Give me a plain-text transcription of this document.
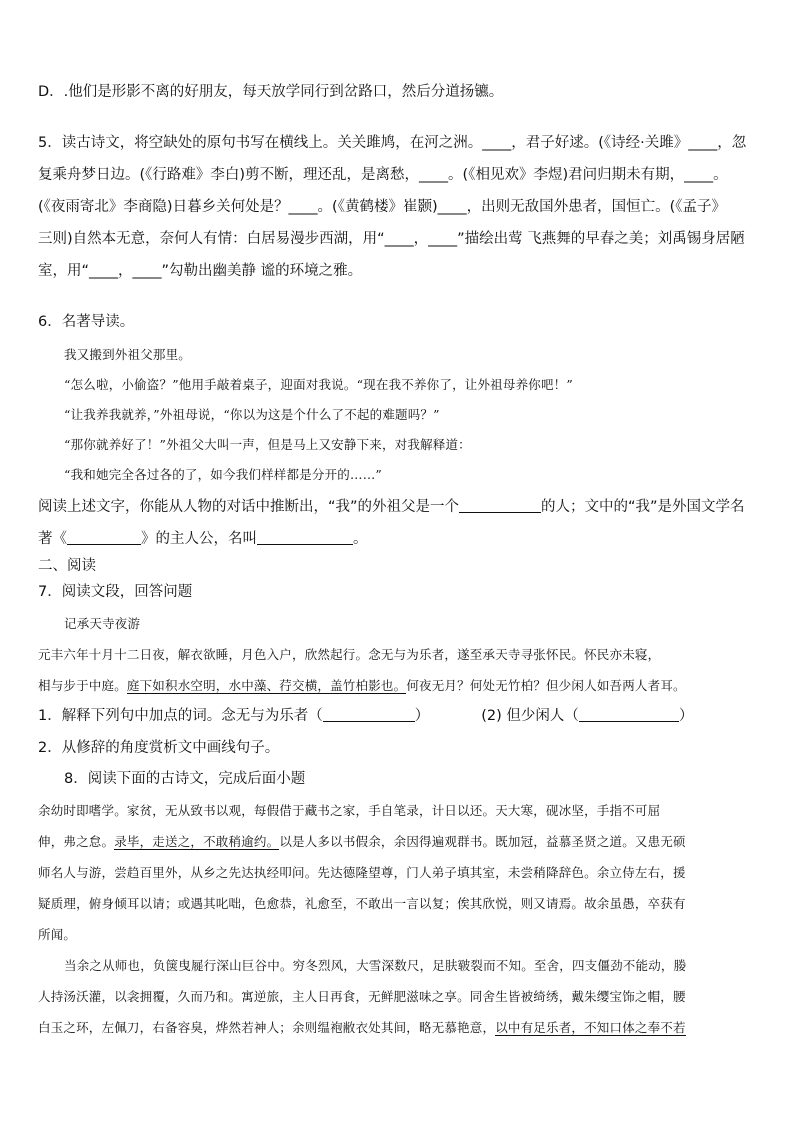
D．.他们是形影不离的好朋友，每天放学同行到岔路口，然后分道扬镳。
5．读古诗文，将空缺处的原句书写在横线上。关关雎鸠，在河之洲。____，君子好逑。(《诗经·关雎》____，忽
复乘舟梦日边。(《行路难》李白)剪不断，理还乱，是离愁，____。(《相见欢》李煜)君问归期未有期，____。
(《夜雨寄北》李商隐)日暮乡关何处是？____。(《黄鹤楼》崔颢)____，出则无敌国外患者，国恒亡。(《孟子》
三则)自然本无意，奈何人有情：白居易漫步西湖，用“____，____”描绘出莺 飞燕舞的早春之美；刘禹锡身居陋
室，用“____，____”勾勒出幽美静 谧的环境之雅。
6．名著导读。
我又搬到外祖父那里。
“怎么啦，小偷盗？”他用手敲着桌子，迎面对我说。“现在我不养你了，让外祖母养你吧！”
“让我养我就养，”外祖母说，“你以为这是个什么了不起的难题吗？”
“那你就养好了！”外祖父大叫一声，但是马上又安静下来，对我解释道：
“我和她完全各过各的了，如今我们样样都是分开的……”
阅读上述文字，你能从人物的对话中推断出，“我”的外祖父是一个	的人；文中的“我”是外国文学名
著《	》的主人公，名叫	。
二、阅读
7．阅读文段，回答问题
记承天寺夜游
元丰六年十月十二日夜，解衣欲睡，月色入户，欣然起行。念无与为乐者，遂至承天寺寻张怀民。怀民亦未寝，
相与步于中庭。庭下如积水空明，水中藻、荇交横，盖竹柏影也。何夜无月？何处无竹柏？但少闲人如吾两人者耳。
1．解释下列句中加点的词。念无与为乐者（	）	(2) 但少闲人（	）
2．从修辞的角度赏析文中画线句子。
8．阅读下面的古诗文，完成后面小题
余幼时即嗜学。家贫，无从致书以观，每假借于藏书之家，手自笔录，计日以还。天大寒，砚冰坚，手指不可屈
伸，弗之怠。录毕，走送之，不敢稍逾约。以是人多以书假余，余因得遍观群书。既加冠，益慕圣贤之道。又患无硕
师名人与游，尝趋百里外，从乡之先达执经叩问。先达德隆望尊，门人弟子填其室，未尝稍降辞色。余立侍左右，援
疑质理，俯身倾耳以请；或遇其叱咄，色愈恭，礼愈至，不敢出一言以复；俟其欣悦，则又请焉。故余虽愚，卒获有
所闻。
当余之从师也，负箧曳屣行深山巨谷中。穷冬烈风，大雪深数尺，足肤皲裂而不知。至舍，四支僵劲不能动，媵
人持汤沃灌，以衾拥覆，久而乃和。寓逆旅，主人日再食，无鲜肥滋味之享。同舍生皆被绮绣，戴朱缨宝饰之帽，腰
白玉之环，左佩刀，右备容臭，烨然若神人；余则缊袍敝衣处其间，略无慕艳意，以中有足乐者，不知口体之奉不若
